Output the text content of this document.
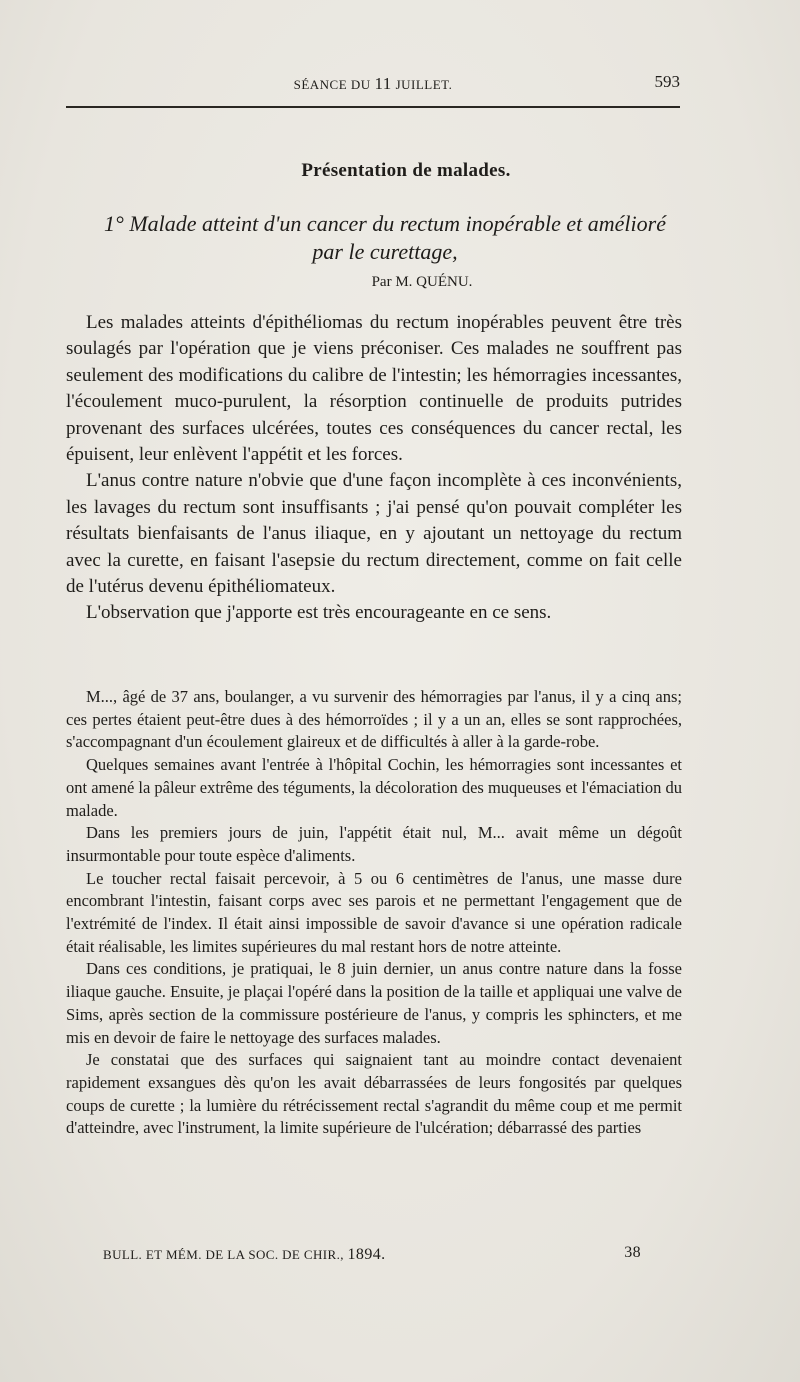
SÉANCE DU 11 JUILLET.	593
Présentation de malades.
1° Malade atteint d'un cancer du rectum inopérable et amélioré
par le curettage,
Par M. QUÉNU.

Les malades atteints d'épithéliomas du rectum inopérables peuvent être très soulagés par l'opération que je viens préconiser. Ces malades ne souffrent pas seulement des modifications du calibre de l'intestin; les hémorragies incessantes, l'écoulement muco-purulent, la résorption continuelle de produits putrides provenant des surfaces ulcérées, toutes ces conséquences du cancer rectal, les épuisent, leur enlèvent l'appétit et les forces.

L'anus contre nature n'obvie que d'une façon incomplète à ces inconvénients, les lavages du rectum sont insuffisants ; j'ai pensé qu'on pouvait compléter les résultats bienfaisants de l'anus iliaque, en y ajoutant un nettoyage du rectum avec la curette, en faisant l'asepsie du rectum directement, comme on fait celle de l'utérus devenu épithéliomateux.

L'observation que j'apporte est très encourageante en ce sens.

M..., âgé de 37 ans, boulanger, a vu survenir des hémorragies par l'anus, il y a cinq ans; ces pertes étaient peut-être dues à des hémorroïdes ; il y a un an, elles se sont rapprochées, s'accompagnant d'un écoulement glaireux et de difficultés à aller à la garde-robe.

Quelques semaines avant l'entrée à l'hôpital Cochin, les hémorragies sont incessantes et ont amené la pâleur extrême des téguments, la décoloration des muqueuses et l'émaciation du malade.

Dans les premiers jours de juin, l'appétit était nul, M... avait même un dégoût insurmontable pour toute espèce d'aliments.

Le toucher rectal faisait percevoir, à 5 ou 6 centimètres de l'anus, une masse dure encombrant l'intestin, faisant corps avec ses parois et ne permettant l'engagement que de l'extrémité de l'index. Il était ainsi impossible de savoir d'avance si une opération radicale était réalisable, les limites supérieures du mal restant hors de notre atteinte.

Dans ces conditions, je pratiquai, le 8 juin dernier, un anus contre nature dans la fosse iliaque gauche. Ensuite, je plaçai l'opéré dans la position de la taille et appliquai une valve de Sims, après section de la commissure postérieure de l'anus, y compris les sphincters, et me mis en devoir de faire le nettoyage des surfaces malades.

Je constatai que des surfaces qui saignaient tant au moindre contact devenaient rapidement exsangues dès qu'on les avait débarrassées de leurs fongosités par quelques coups de curette ; la lumière du rétrécissement rectal s'agrandit du même coup et me permit d'atteindre, avec l'instrument, la limite supérieure de l'ulcération; débarrassé des parties

BULL. ET MÉM. DE LA SOC. DE CHIR., 1894.	38
